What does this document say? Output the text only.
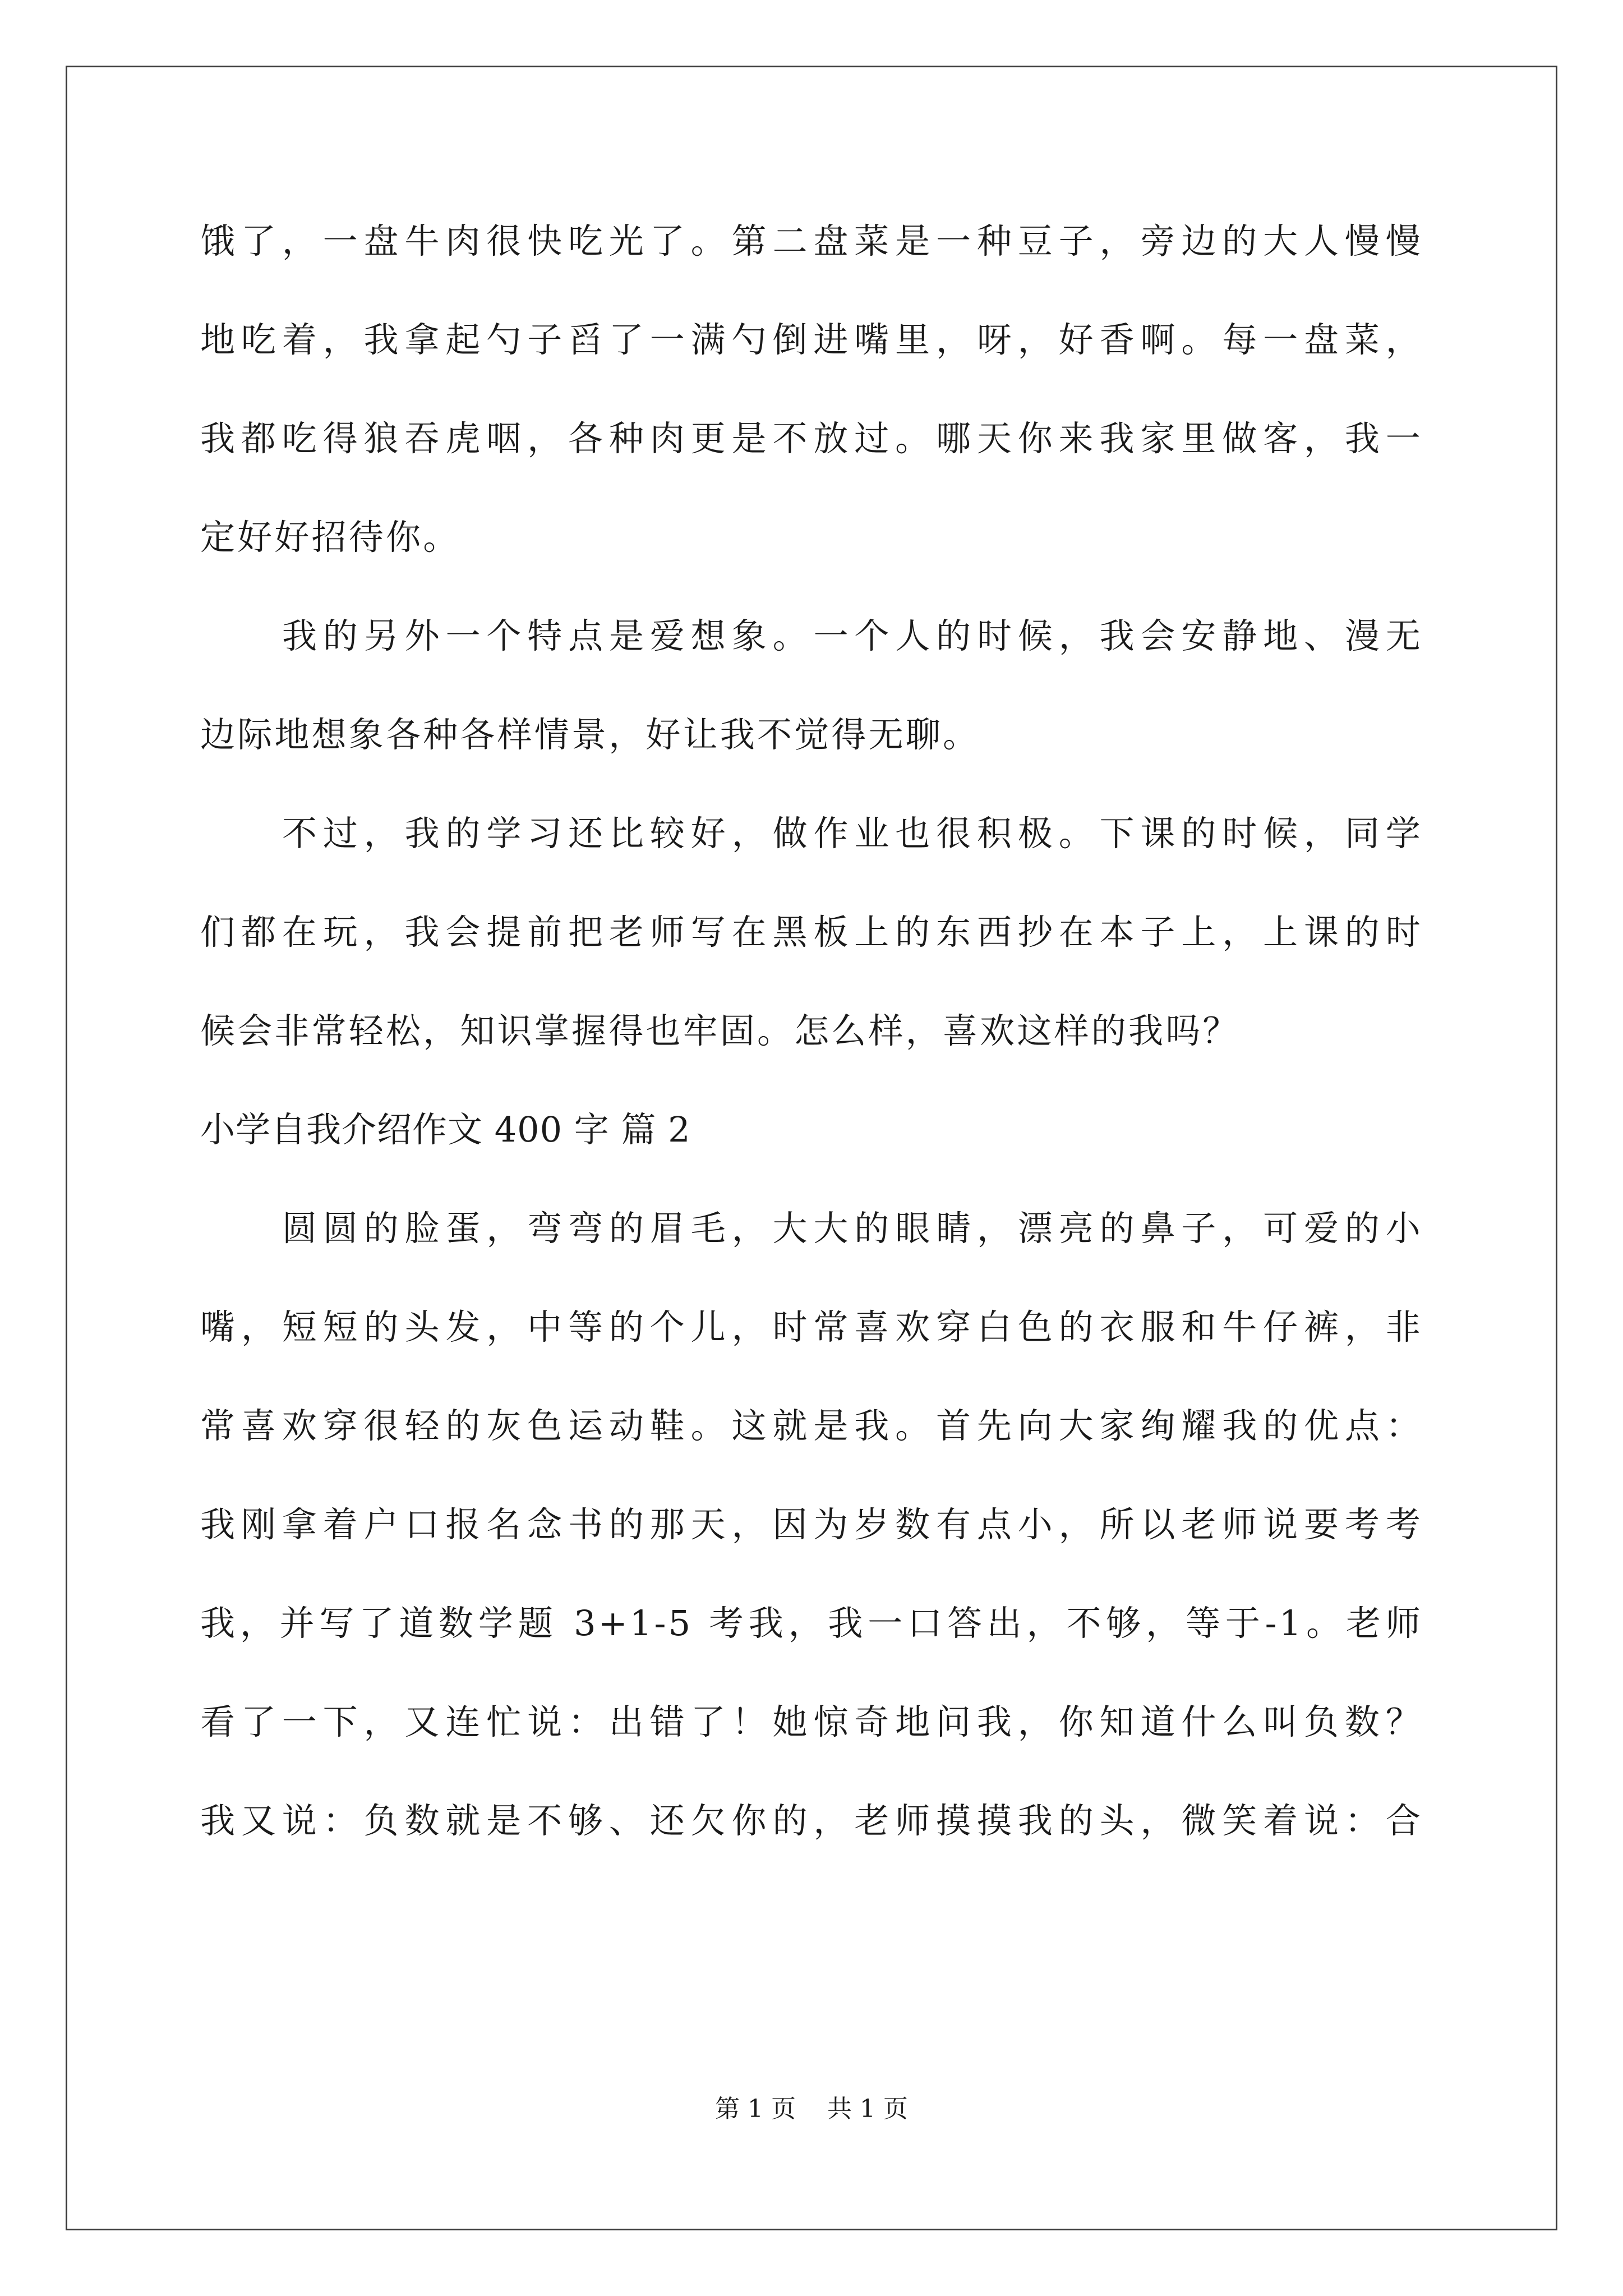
饿了，一盘牛肉很快吃光了。第二盘菜是一种豆子，旁边的大人慢慢
地吃着，我拿起勺子舀了一满勺倒进嘴里，呀，好香啊。每一盘菜，
我都吃得狼吞虎咽，各种肉更是不放过。哪天你来我家里做客，我一
定好好招待你。
我的另外一个特点是爱想象。一个人的时候，我会安静地、漫无
边际地想象各种各样情景，好让我不觉得无聊。
不过，我的学习还比较好，做作业也很积极。下课的时候，同学
们都在玩，我会提前把老师写在黑板上的东西抄在本子上，上课的时
候会非常轻松，知识掌握得也牢固。怎么样，喜欢这样的我吗？
小学自我介绍作文 400 字 篇 2
圆圆的脸蛋，弯弯的眉毛，大大的眼睛，漂亮的鼻子，可爱的小
嘴，短短的头发，中等的个儿，时常喜欢穿白色的衣服和牛仔裤，非
常喜欢穿很轻的灰色运动鞋。这就是我。首先向大家绚耀我的优点：
我刚拿着户口报名念书的那天，因为岁数有点小，所以老师说要考考
我，并写了道数学题 3+1-5 考我，我一口答出，不够，等于-1。老师
看了一下，又连忙说：出错了！她惊奇地问我，你知道什么叫负数？
我又说：负数就是不够、还欠你的，老师摸摸我的头，微笑着说：合
第 1 页    共 1 页
